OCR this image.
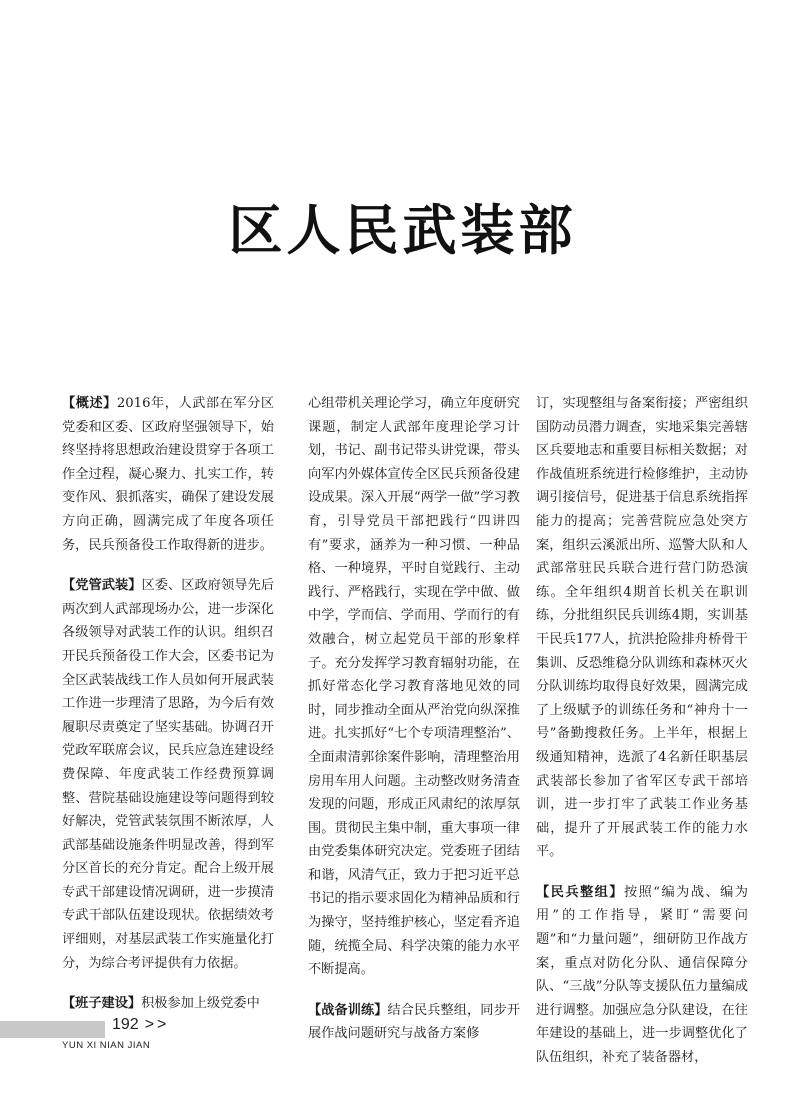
区人民武装部

【概述】2016年，人武部在军分区党委和区委、区政府坚强领导下，始终坚持将思想政治建设贯穿于各项工作全过程，凝心聚力、扎实工作，转变作风、狠抓落实，确保了建设发展方向正确，圆满完成了年度各项任务，民兵预备役工作取得新的进步。

【党管武装】区委、区政府领导先后两次到人武部现场办公，进一步深化各级领导对武装工作的认识。组织召开民兵预备役工作大会，区委书记为全区武装战线工作人员如何开展武装工作进一步理清了思路，为今后有效履职尽责奠定了坚实基础。协调召开党政军联席会议，民兵应急连建设经费保障、年度武装工作经费预算调整、营院基础设施建设等问题得到较好解决，党管武装氛围不断浓厚，人武部基础设施条件明显改善，得到军分区首长的充分肯定。配合上级开展专武干部建设情况调研，进一步摸清专武干部队伍建设现状。依据绩效考评细则，对基层武装工作实施量化打分，为综合考评提供有力依据。

【班子建设】积极参加上级党委中

心组带机关理论学习，确立年度研究课题，制定人武部年度理论学习计划，书记、副书记带头讲党课，带头向军内外媒体宣传全区民兵预备役建设成果。深入开展“两学一做”学习教育，引导党员干部把践行“四讲四有”要求，涵养为一种习惯、一种品格、一种境界，平时自觉践行、主动践行、严格践行，实现在学中做、做中学，学而信、学而用、学而行的有效融合，树立起党员干部的形象样子。充分发挥学习教育辐射功能，在抓好常态化学习教育落地见效的同时，同步推动全面从严治党向纵深推进。扎实抓好“七个专项清理整治”、全面肃清郭徐案件影响，清理整治用房用车用人问题。主动整改财务清查发现的问题，形成正风肃纪的浓厚氛围。贯彻民主集中制，重大事项一律由党委集体研究决定。党委班子团结和谐，风清气正，致力于把习近平总书记的指示要求固化为精神品质和行为操守，坚持维护核心，坚定看齐追随，统揽全局、科学决策的能力水平不断提高。

【战备训练】结合民兵整组，同步开展作战问题研究与战备方案修

订，实现整组与备案衔接；严密组织国防动员潜力调查，实地采集完善辖区兵要地志和重要目标相关数据；对作战值班系统进行检修维护，主动协调引接信号，促进基于信息系统指挥能力的提高；完善营院应急处突方案，组织云溪派出所、巡警大队和人武部常驻民兵联合进行营门防恐演练。全年组织4期首长机关在职训练，分批组织民兵训练4期，实训基干民兵177人，抗洪抢险排舟桥骨干集训、反恐维稳分队训练和森林灭火分队训练均取得良好效果，圆满完成了上级赋予的训练任务和“神舟十一号”备勤搜救任务。上半年，根据上级通知精神，选派了4名新任职基层武装部长参加了省军区专武干部培训，进一步打牢了武装工作业务基础，提升了开展武装工作的能力水平。

【民兵整组】按照“编为战、编为用”的工作指导，紧盯“需要问题”和“力量问题”，细研防卫作战方案，重点对防化分队、通信保障分队、“三战”分队等支援队伍力量编成进行调整。加强应急分队建设，在往年建设的基础上，进一步调整优化了队伍组织，补充了装备器材，

192 >>
YUN XI NIAN JIAN
